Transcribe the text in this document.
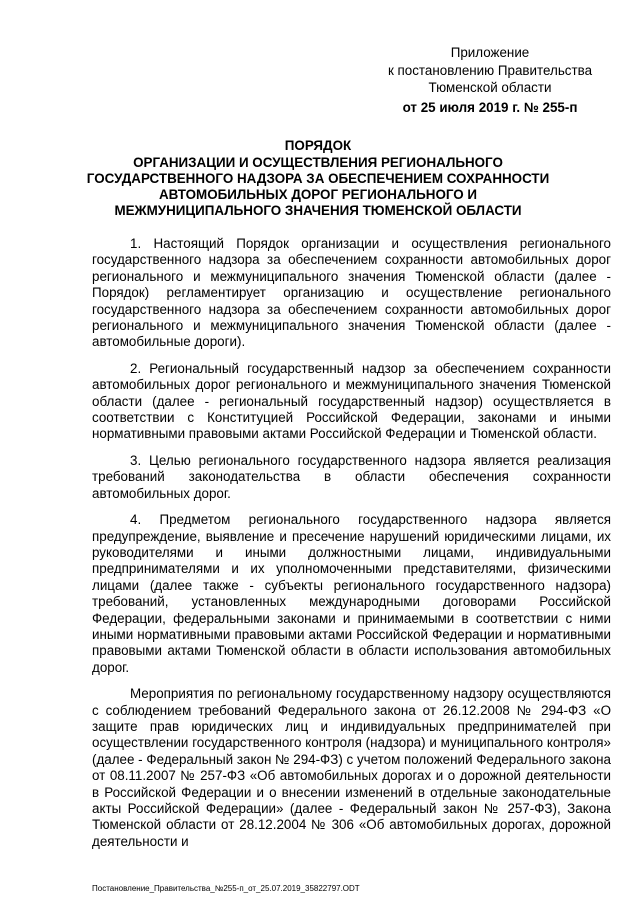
Приложение
к постановлению Правительства
Тюменской области
от 25 июля 2019 г. № 255-п
ПОРЯДОК
ОРГАНИЗАЦИИ И ОСУЩЕСТВЛЕНИЯ РЕГИОНАЛЬНОГО ГОСУДАРСТВЕННОГО НАДЗОРА ЗА ОБЕСПЕЧЕНИЕМ СОХРАННОСТИ АВТОМОБИЛЬНЫХ ДОРОГ РЕГИОНАЛЬНОГО И МЕЖМУНИЦИПАЛЬНОГО ЗНАЧЕНИЯ ТЮМЕНСКОЙ ОБЛАСТИ

1. Настоящий Порядок организации и осуществления регионального государственного надзора за обеспечением сохранности автомобильных дорог регионального и межмуниципального значения Тюменской области (далее - Порядок) регламентирует организацию и осуществление регионального государственного надзора за обеспечением сохранности автомобильных дорог регионального и межмуниципального значения Тюменской области (далее - автомобильные дороги).

2. Региональный государственный надзор за обеспечением сохранности автомобильных дорог регионального и межмуниципального значения Тюменской области (далее - региональный государственный надзор) осуществляется в соответствии с Конституцией Российской Федерации, законами и иными нормативными правовыми актами Российской Федерации и Тюменской области.

3. Целью регионального государственного надзора является реализация требований законодательства в области обеспечения сохранности автомобильных дорог.

4. Предметом регионального государственного надзора является предупреждение, выявление и пресечение нарушений юридическими лицами, их руководителями и иными должностными лицами, индивидуальными предпринимателями и их уполномоченными представителями, физическими лицами (далее также - субъекты регионального государственного надзора) требований, установленных международными договорами Российской Федерации, федеральными законами и принимаемыми в соответствии с ними иными нормативными правовыми актами Российской Федерации и нормативными правовыми актами Тюменской области в области использования автомобильных дорог.

Мероприятия по региональному государственному надзору осуществляются с соблюдением требований Федерального закона от 26.12.2008 № 294-ФЗ «О защите прав юридических лиц и индивидуальных предпринимателей при осуществлении государственного контроля (надзора) и муниципального контроля» (далее - Федеральный закон № 294-ФЗ) с учетом положений Федерального закона от 08.11.2007 № 257-ФЗ «Об автомобильных дорогах и о дорожной деятельности в Российской Федерации и о внесении изменений в отдельные законодательные акты Российской Федерации» (далее - Федеральный закон № 257-ФЗ), Закона Тюменской области от 28.12.2004 № 306 «Об автомобильных дорогах, дорожной деятельности и

Постановление_Правительства_№255-п_от_25.07.2019_35822797.ODT
